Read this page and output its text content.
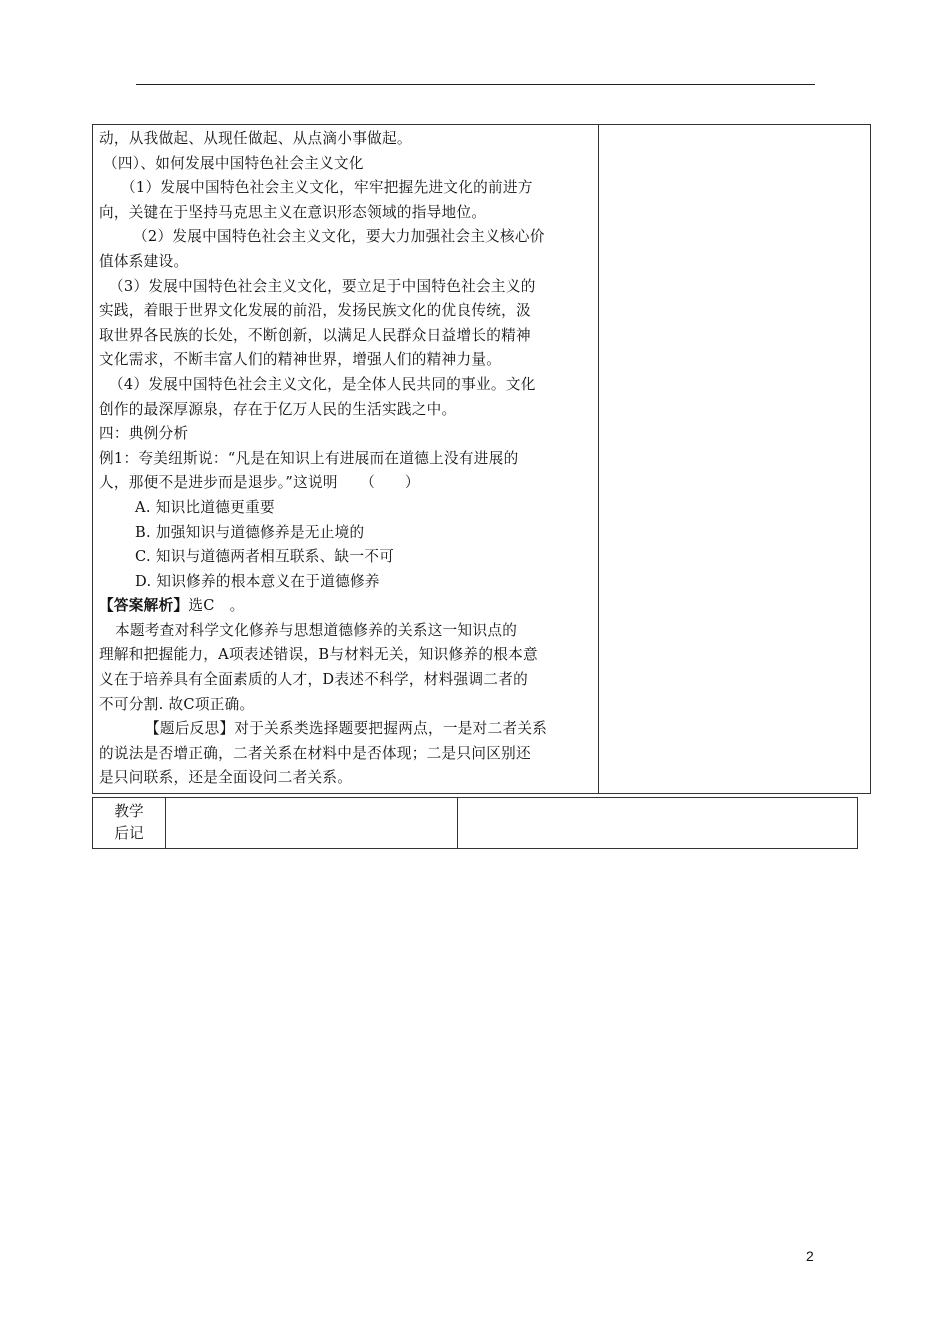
动，从我做起、从现任做起、从点滴小事做起。
（四）、如何发展中国特色社会主义文化
（1）发展中国特色社会主义文化，牢牢把握先进文化的前进方
向，关键在于坚持马克思主义在意识形态领域的指导地位。
（2）发展中国特色社会主义文化，要大力加强社会主义核心价
值体系建设。
（3）发展中国特色社会主义文化，要立足于中国特色社会主义的
实践，着眼于世界文化发展的前沿，发扬民族文化的优良传统，汲
取世界各民族的长处，不断创新，以满足人民群众日益增长的精神
文化需求，不断丰富人们的精神世界，增强人们的精神力量。
（4）发展中国特色社会主义文化，是全体人民共同的事业。文化
创作的最深厚源泉，存在于亿万人民的生活实践之中。
四：典例分析
例1：夸美纽斯说：“凡是在知识上有进展而在道德上没有进展的
人，那便不是进步而是退步。”这说明　　（　　）
A. 知识比道德更重要
B. 加强知识与道德修养是无止境的
C. 知识与道德两者相互联系、缺一不可
D. 知识修养的根本意义在于道德修养
【答案解析】选C　。
本题考查对科学文化修养与思想道德修养的关系这一知识点的
理解和把握能力，A项表述错误，B与材料无关，知识修养的根本意
义在于培养具有全面素质的人才，D表述不科学，材料强调二者的
不可分割. 故C项正确。
【题后反思】对于关系类选择题要把握两点，一是对二者关系
的说法是否增正确，二者关系在材料中是否体现；二是只问区别还
是只问联系，还是全面设问二者关系。

教学
后记

2
